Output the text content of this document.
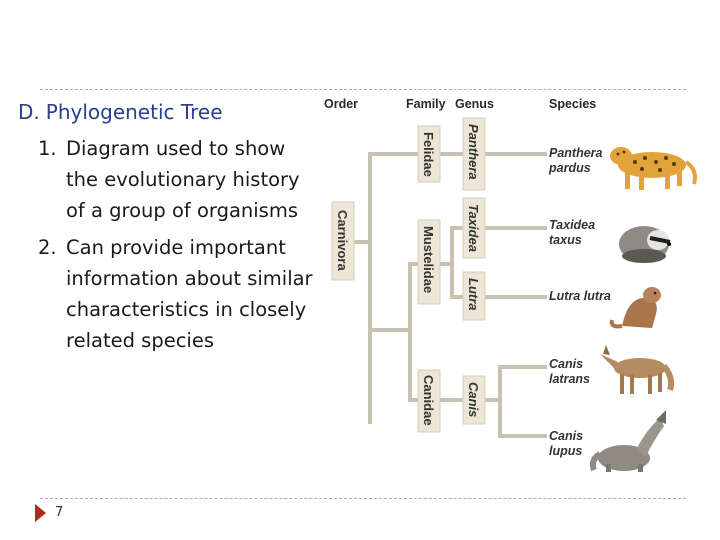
D. Phylogenetic Tree
1. Diagram used to show the evolutionary history of a group of organisms
2. Can provide important information about similar characteristics in closely related species
7
Order	Family Genus	Species
Carnivora
Felidae
Mustelidae
Canidae
Panthera
Taxidea
Lutra
Canis
Panthera
pardus
Taxidea
taxus
Lutra lutra
Canis
latrans
Canis
lupus
